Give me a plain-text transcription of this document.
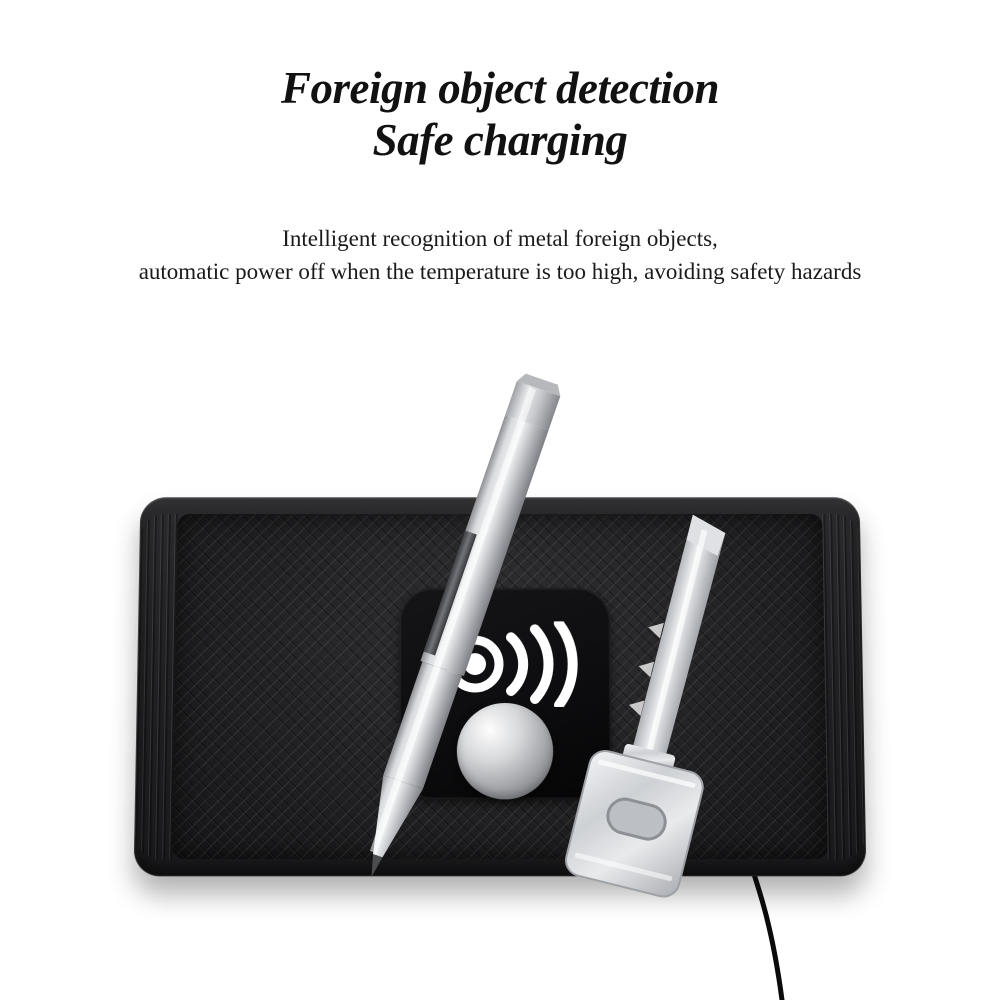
Foreign object detection
Safe charging
Intelligent recognition of metal foreign objects,
automatic power off when the temperature is too high, avoiding safety hazards
